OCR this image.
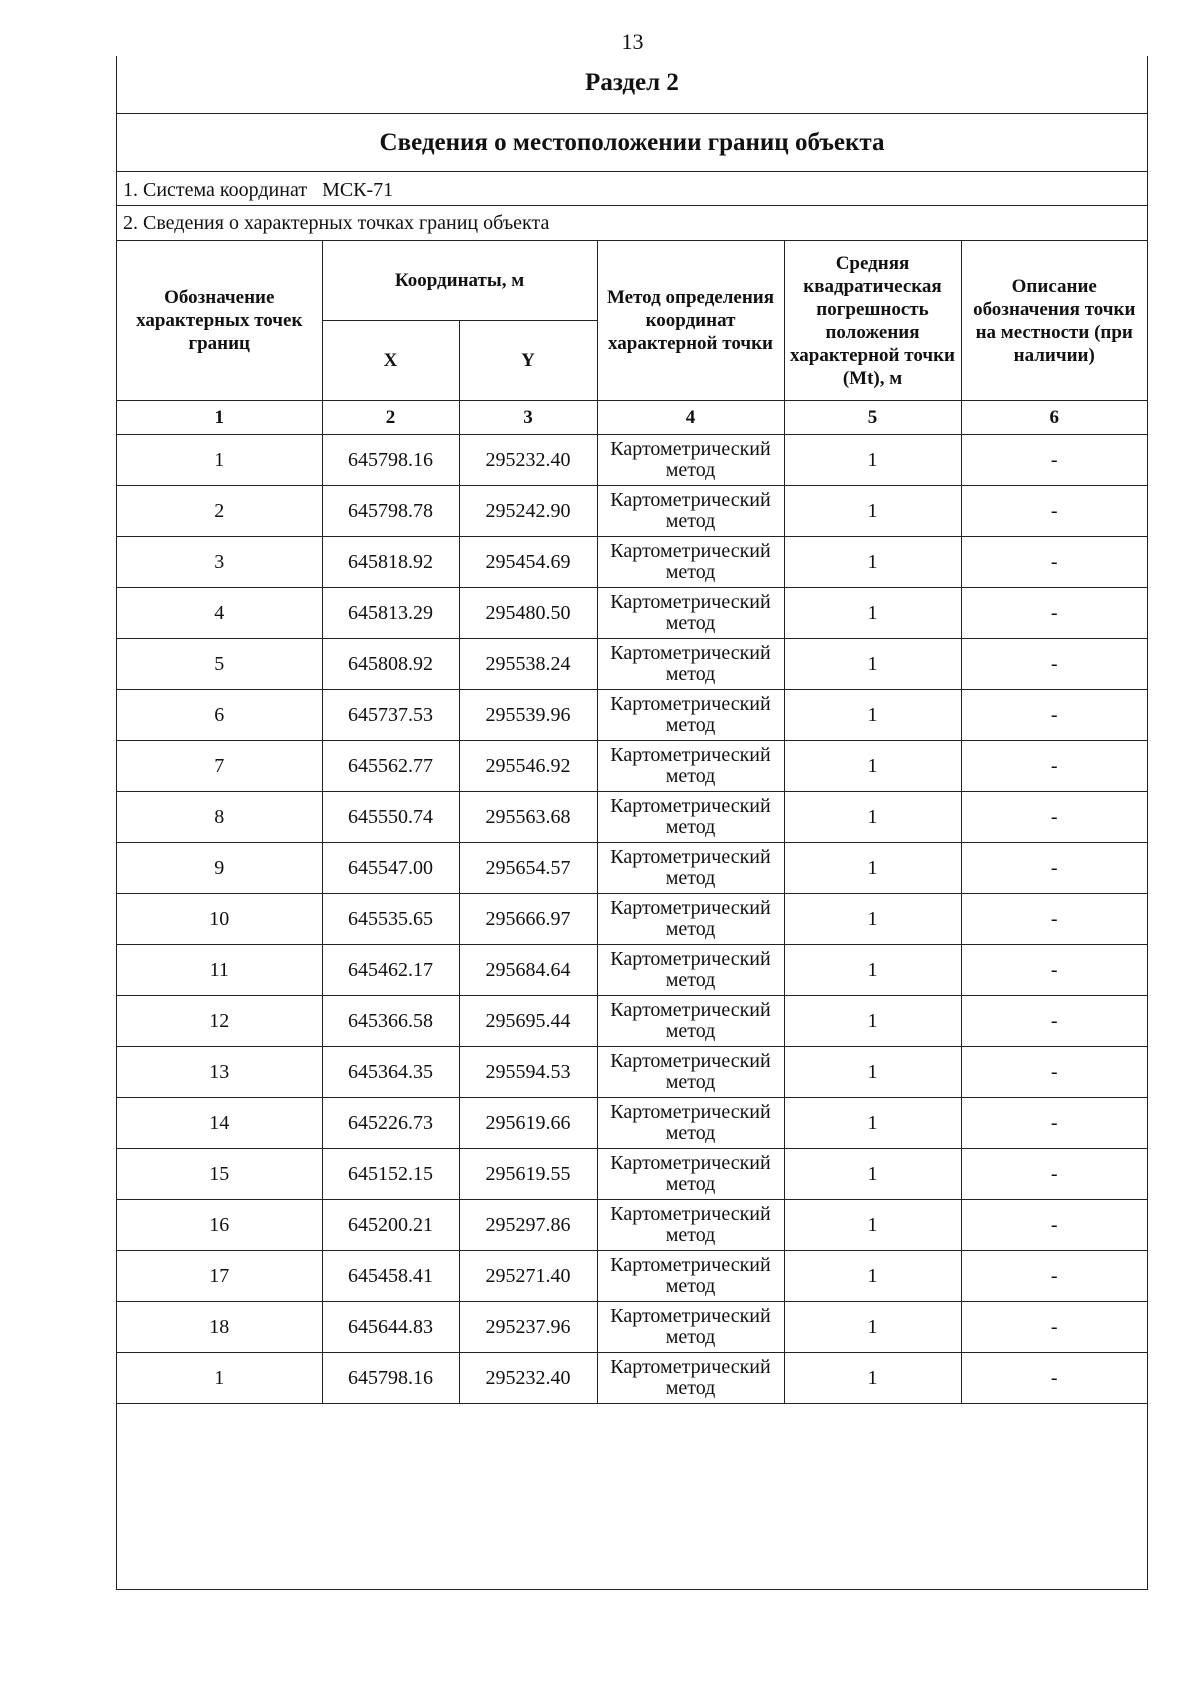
13
Раздел 2
Сведения о местоположении границ объекта
1. Система координат МСК-71
2. Сведения о характерных точках границ объекта
Обозначение характерных точек границ	Координаты, м		Метод определения координат характерной точки	Средняя квадратическая погрешность положения характерной точки (Mt), м	Описание обозначения точки на местности (при наличии)
	X	Y			
1	2	3	4	5	6
1	645798.16	295232.40	Картометрический метод	1	-
2	645798.78	295242.90	Картометрический метод	1	-
3	645818.92	295454.69	Картометрический метод	1	-
4	645813.29	295480.50	Картометрический метод	1	-
5	645808.92	295538.24	Картометрический метод	1	-
6	645737.53	295539.96	Картометрический метод	1	-
7	645562.77	295546.92	Картометрический метод	1	-
8	645550.74	295563.68	Картометрический метод	1	-
9	645547.00	295654.57	Картометрический метод	1	-
10	645535.65	295666.97	Картометрический метод	1	-
11	645462.17	295684.64	Картометрический метод	1	-
12	645366.58	295695.44	Картометрический метод	1	-
13	645364.35	295594.53	Картометрический метод	1	-
14	645226.73	295619.66	Картометрический метод	1	-
15	645152.15	295619.55	Картометрический метод	1	-
16	645200.21	295297.86	Картометрический метод	1	-
17	645458.41	295271.40	Картометрический метод	1	-
18	645644.83	295237.96	Картометрический метод	1	-
1	645798.16	295232.40	Картометрический метод	1	-
